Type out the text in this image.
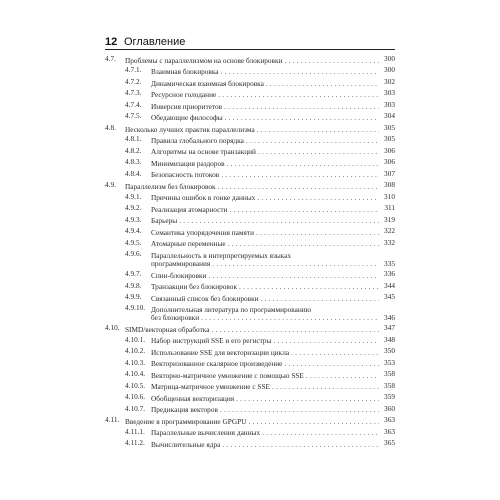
12 Оглавление
4.7. Проблемы с параллелизмом на основе блокировки . . .	300
4.7.1. Взаимная блокировка . . .	300
4.7.2. Динамическая взаимная блокировка . . .	302
4.7.3. Ресурсное голодание . . .	303
4.7.4. Инверсия приоритетов . . .	303
4.7.5. Обедающие философы . . .	304
4.8. Несколько лучших практик параллелизма . . .	305
4.8.1. Правила глобального порядка . . .	305
4.8.2. Алгоритмы на основе транзакций . . .	306
4.8.3. Минимизация раздоров . . .	306
4.8.4. Безопасность потоков . . .	307
4.9. Параллелизм без блокировок . . .	308
4.9.1. Причины ошибок в гонке данных . . .	310
4.9.2. Реализация атомарности . . .	311
4.9.3. Барьеры . . .	319
4.9.4. Семантика упорядочения памяти . . .	322
4.9.5. Атомарные переменные . . .	332
4.9.6. Параллельность в интерпретируемых языках
программирования . . .	335
4.9.7. Спин-блокировки . . .	336
4.9.8. Транзакции без блокировок . . .	344
4.9.9. Связанный список без блокировки . . .	345
4.9.10. Дополнительная литература по программированию
без блокировки . . .	346
4.10. SIMD/векторная обработка . . .	347
4.10.1. Набор инструкций SSE и его регистры . . .	348
4.10.2. Использование SSE для векторизации цикла . . .	350
4.10.3. Векторизованное скалярное произведение . . .	353
4.10.4. Векторно-матричное умножение с помощью SSE . . .	358
4.10.5. Матрица-матричное умножение с SSE . . .	358
4.10.6. Обобщенная векторизация . . .	359
4.10.7. Предикация векторов . . .	360
4.11. Введение в программирование GPGPU . . .	363
4.11.1. Параллельные вычисления данных . . .	363
4.11.2. Вычислительные ядра . . .	365
